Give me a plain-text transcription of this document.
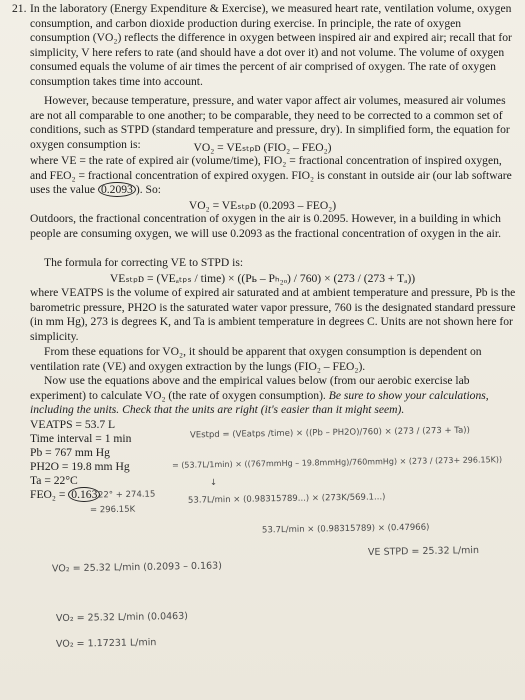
21. In the laboratory (Energy Expenditure & Exercise), we measured heart rate, ventilation volume, oxygen consumption, and carbon dioxide production during exercise. In principle, the rate of oxygen consumption (VO₂) reflects the difference in oxygen between inspired air and expired air; recall that for simplicity, V here refers to rate (and should have a dot over it) and not volume. The volume of oxygen consumed equals the volume of air times the percent of air comprised of oxygen. The rate of oxygen consumption takes time into account.

However, because temperature, pressure, and water vapor affect air volumes, measured air volumes are not all comparable to one another; to be comparable, they need to be corrected to a common set of conditions, such as STPD (standard temperature and pressure, dry). In simplified form, the equation for oxygen consumption is:	VO₂ = VEₛₜₚᴅ (FIO₂ – FEO₂)

where VE = the rate of expired air (volume/time), FIO₂ = fractional concentration of inspired oxygen, and FEO₂ = fractional concentration of expired oxygen. FIO₂ is constant in outside air (our lab software uses the value 0.2093 ). So:

VO₂ = VEₛₜₚᴅ (0.2093 – FEO₂)

Outdoors, the fractional concentration of oxygen in the air is 0.2095. However, in a building in which people are consuming oxygen, we will use 0.2093 as the fractional concentration of oxygen in the air.

The formula for correcting VE to STPD is:

VEₛₜₚᴅ = (VEₐₜₚₛ / time) × ((Pь – Pₕ₂ₒ) / 760) × (273 / (273 + Tₐ))

where VEATPS is the volume of expired air saturated and at ambient temperature and pressure, Pb is the barometric pressure, PH2O is the saturated water vapor pressure, 760 is the designated standard pressure (in mm Hg), 273 is degrees K, and Ta is ambient temperature in degrees C. Units are not shown here for simplicity.

From these equations for VO₂, it should be apparent that oxygen consumption is dependent on ventilation rate (VE) and oxygen extraction by the lungs (FIO₂ – FEO₂).

Now use the equations above and the empirical values below (from our aerobic exercise lab experiment) to calculate VO₂ (the rate of oxygen consumption). Be sure to show your calculations, including the units. Check that the units are right (it's easier than it might seem).

VEATPS = 53.7 L
Time interval = 1 min
Pb = 767 mm Hg
PH2O = 19.8 mm Hg
Ta = 22°C
FEO₂ = 0.163 22° + 274.15
= 296.15K
VEstpd = (VEatps /time) × ((Pb – PH2O)/760) × (273 / (273 + Ta))
= (53.7L/1min) × ((767mmHg – 19.8mmHg)/760mmHg) × (273 / (273+ 296.15K))
↓
53.7L/min × (0.98315789...) × (273K/569.1...)
53.7L/min × (0.98315789) × (0.47966)
VE STPD = 25.32 L/min
VO₂ = 25.32 L/min (0.2093 – 0.163)
VO₂ = 25.32 L/min (0.0463)
VO₂ = 1.17231 L/min
